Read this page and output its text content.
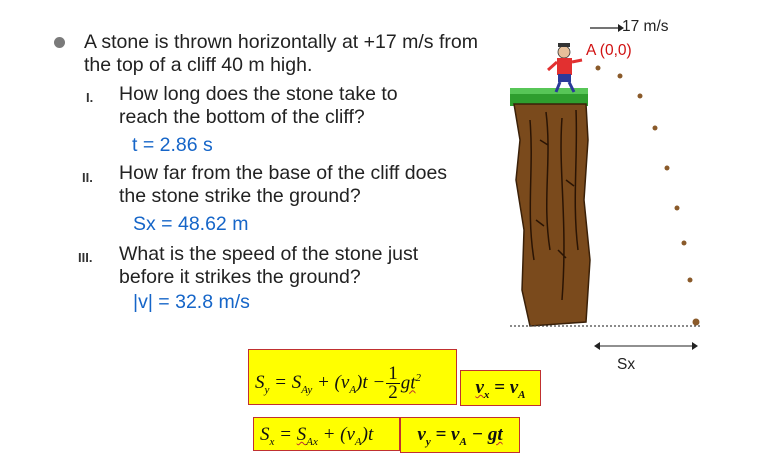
A stone is thrown horizontally at +17 m/s from the top of a cliff 40 m high.
I. How long does the stone take to reach the bottom of the cliff?
t = 2.86 s
II. How far from the base of the cliff does the stone strike the ground?
Sx = 48.62 m
III. What is the speed of the stone just before it strikes the ground?
|v| = 32.8 m/s
$S_y = S_{Ay} + (v_A)t - \frac{1}{2} gt^2$	$v_x = v_A$
$S_x = S_{Ax} + (v_A)t$	$v_y = v_A$ − gt
17 m/s
A (0,0)
Sx
